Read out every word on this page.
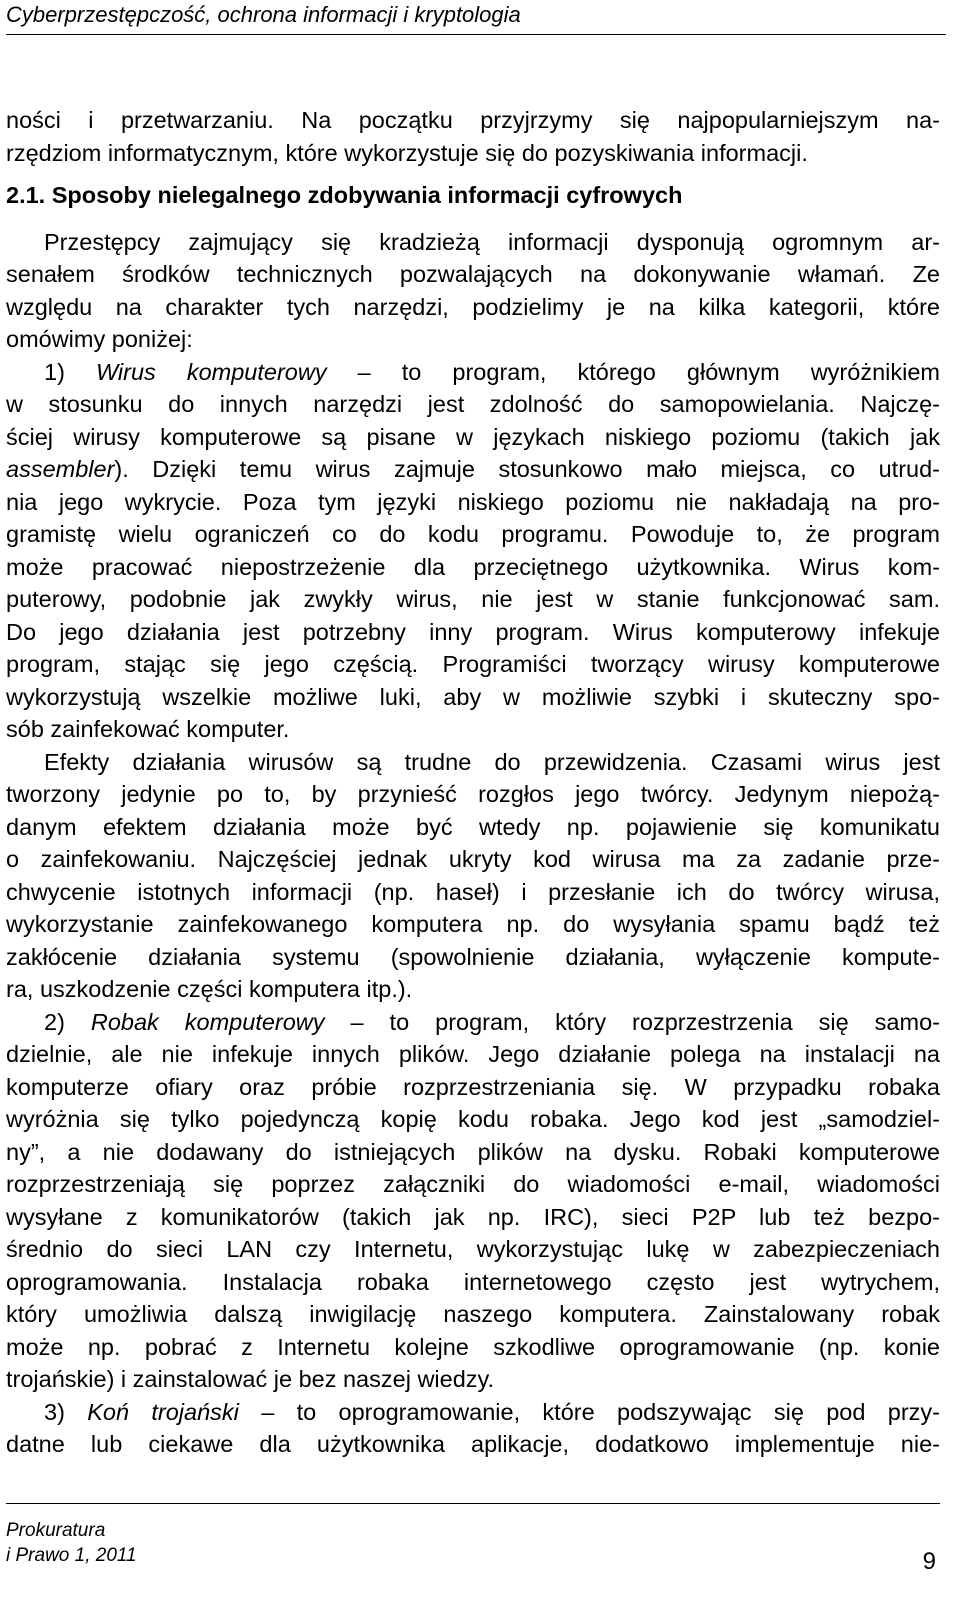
Cyberprzestępczość, ochrona informacji i kryptologia
ności i przetwarzaniu. Na początku przyjrzymy się najpopularniejszym na-
rzędziom informatycznym, które wykorzystuje się do pozyskiwania informacji.
2.1. Sposoby nielegalnego zdobywania informacji cyfrowych
Przestępcy zajmujący się kradzieżą informacji dysponują ogromnym ar-
senałem środków technicznych pozwalających na dokonywanie włamań. Ze
względu na charakter tych narzędzi, podzielimy je na kilka kategorii, które
omówimy poniżej:
1) Wirus komputerowy – to program, którego głównym wyróżnikiem
w stosunku do innych narzędzi jest zdolność do samopowielania. Najczę-
ściej wirusy komputerowe są pisane w językach niskiego poziomu (takich jak
assembler). Dzięki temu wirus zajmuje stosunkowo mało miejsca, co utrud-
nia jego wykrycie. Poza tym języki niskiego poziomu nie nakładają na pro-
gramistę wielu ograniczeń co do kodu programu. Powoduje to, że program
może pracować niepostrzeżenie dla przeciętnego użytkownika. Wirus kom-
puterowy, podobnie jak zwykły wirus, nie jest w stanie funkcjonować sam.
Do jego działania jest potrzebny inny program. Wirus komputerowy infekuje
program, stając się jego częścią. Programiści tworzący wirusy komputerowe
wykorzystują wszelkie możliwe luki, aby w możliwie szybki i skuteczny spo-
sób zainfekować komputer.
Efekty działania wirusów są trudne do przewidzenia. Czasami wirus jest
tworzony jedynie po to, by przynieść rozgłos jego twórcy. Jedynym niepożą-
danym efektem działania może być wtedy np. pojawienie się komunikatu
o zainfekowaniu. Najczęściej jednak ukryty kod wirusa ma za zadanie prze-
chwycenie istotnych informacji (np. haseł) i przesłanie ich do twórcy wirusa,
wykorzystanie zainfekowanego komputera np. do wysyłania spamu bądź też
zakłócenie działania systemu (spowolnienie działania, wyłączenie kompute-
ra, uszkodzenie części komputera itp.).
2) Robak komputerowy – to program, który rozprzestrzenia się samo-
dzielnie, ale nie infekuje innych plików. Jego działanie polega na instalacji na
komputerze ofiary oraz próbie rozprzestrzeniania się. W przypadku robaka
wyróżnia się tylko pojedynczą kopię kodu robaka. Jego kod jest „samodziel-
ny”, a nie dodawany do istniejących plików na dysku. Robaki komputerowe
rozprzestrzeniają się poprzez załączniki do wiadomości e-mail, wiadomości
wysyłane z komunikatorów (takich jak np. IRC), sieci P2P lub też bezpo-
średnio do sieci LAN czy Internetu, wykorzystując lukę w zabezpieczeniach
oprogramowania. Instalacja robaka internetowego często jest wytrychem,
który umożliwia dalszą inwigilację naszego komputera. Zainstalowany robak
może np. pobrać z Internetu kolejne szkodliwe oprogramowanie (np. konie
trojańskie) i zainstalować je bez naszej wiedzy.
3) Koń trojański – to oprogramowanie, które podszywając się pod przy-
datne lub ciekawe dla użytkownika aplikacje, dodatkowo implementuje nie-
Prokuratura
i Prawo 1, 2011	9
